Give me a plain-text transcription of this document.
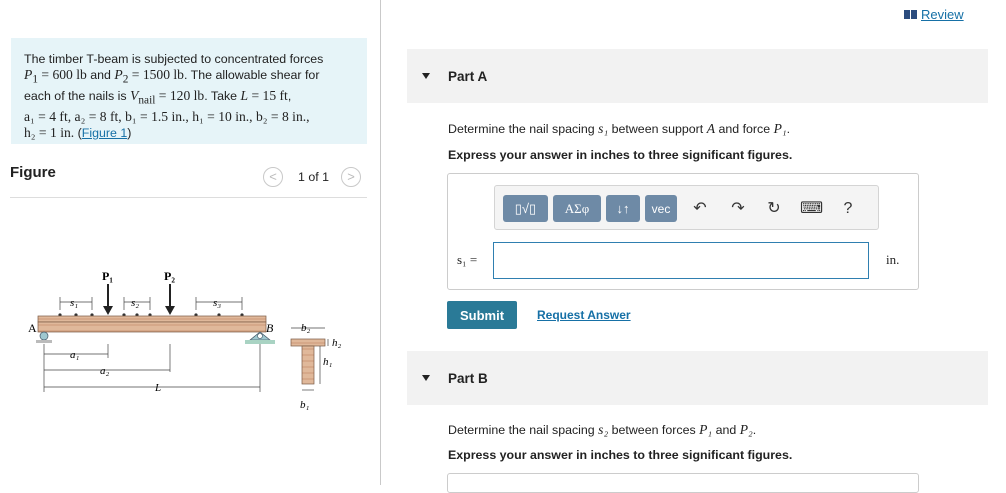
The timber T-beam is subjected to concentrated forces
$P_1 = 600$ lb and $P_2 = 1500$ lb. The allowable shear for
each of the nails is $V_{nail} = 120$ lb. Take L = 15 ft,
a₁ = 4 ft, a₂ = 8 ft, b₁ = 1.5 in., h₁ = 10 in., b₂ = 8 in.,
h₂ = 1 in. (Figure 1)
Figure	<	1 of 1	>
P₁	P₂
s₁	s₂	s₃
A	B
a₁
a₂
L
b₂
h₂
h₁
b₁
Review
Part A
Determine the nail spacing s₁ between support A and force P₁.
Express your answer in inches to three significant figures.
▯√▯	ΑΣφ	↓↑	vec	↶ ↷ ↻ ⌨	?
s₁ =	in.
Submit	Request Answer
Part B
Determine the nail spacing s₂ between forces P₁ and P₂.
Express your answer in inches to three significant figures.
